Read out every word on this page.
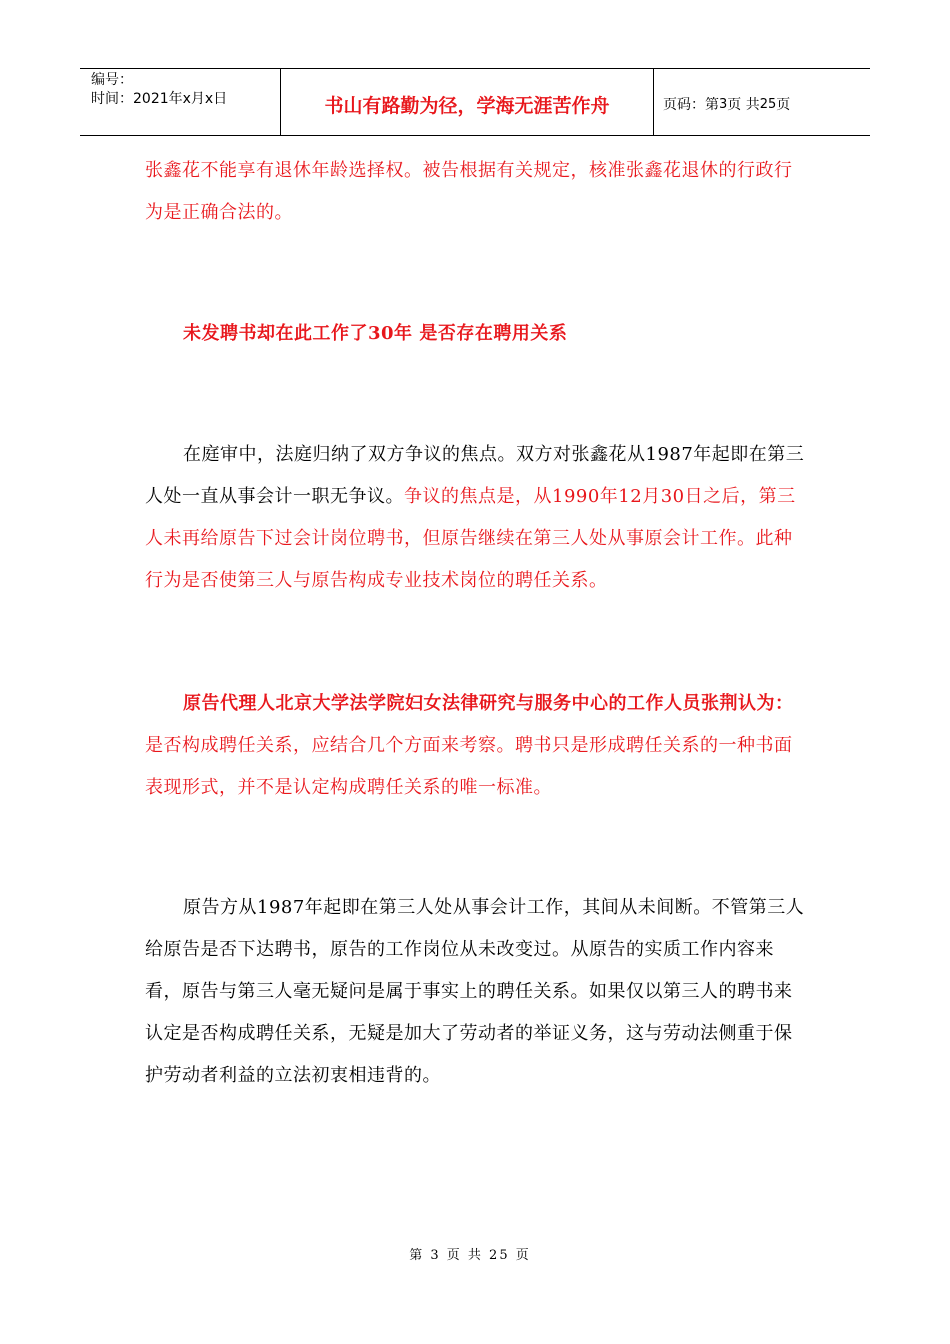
编号：
时间：2021年x月x日	书山有路勤为径，学海无涯苦作舟	页码：第 3 页 共 25 页
张鑫花不能享有退休年龄选择权。被告根据有关规定，核准张鑫花退休的行政行为是正确合法的。
未发聘书却在此工作了30年 是否存在聘用关系
在庭审中，法庭归纳了双方争议的焦点。双方对张鑫花从1987年起即在第三人处一直从事会计一职无争议。争议的焦点是，从1990年12月30日之后，第三人未再给原告下过会计岗位聘书，但原告继续在第三人处从事原会计工作。此种行为是否使第三人与原告构成专业技术岗位的聘任关系。
原告代理人北京大学法学院妇女法律研究与服务中心的工作人员张荆认为：是否构成聘任关系，应结合几个方面来考察。聘书只是形成聘任关系的一种书面表现形式，并不是认定构成聘任关系的唯一标准。
原告方从1987年起即在第三人处从事会计工作，其间从未间断。不管第三人给原告是否下达聘书，原告的工作岗位从未改变过。从原告的实质工作内容来看，原告与第三人毫无疑问是属于事实上的聘任关系。如果仅以第三人的聘书来认定是否构成聘任关系，无疑是加大了劳动者的举证义务，这与劳动法侧重于保护劳动者利益的立法初衷相违背的。
第 3 页 共 25 页
